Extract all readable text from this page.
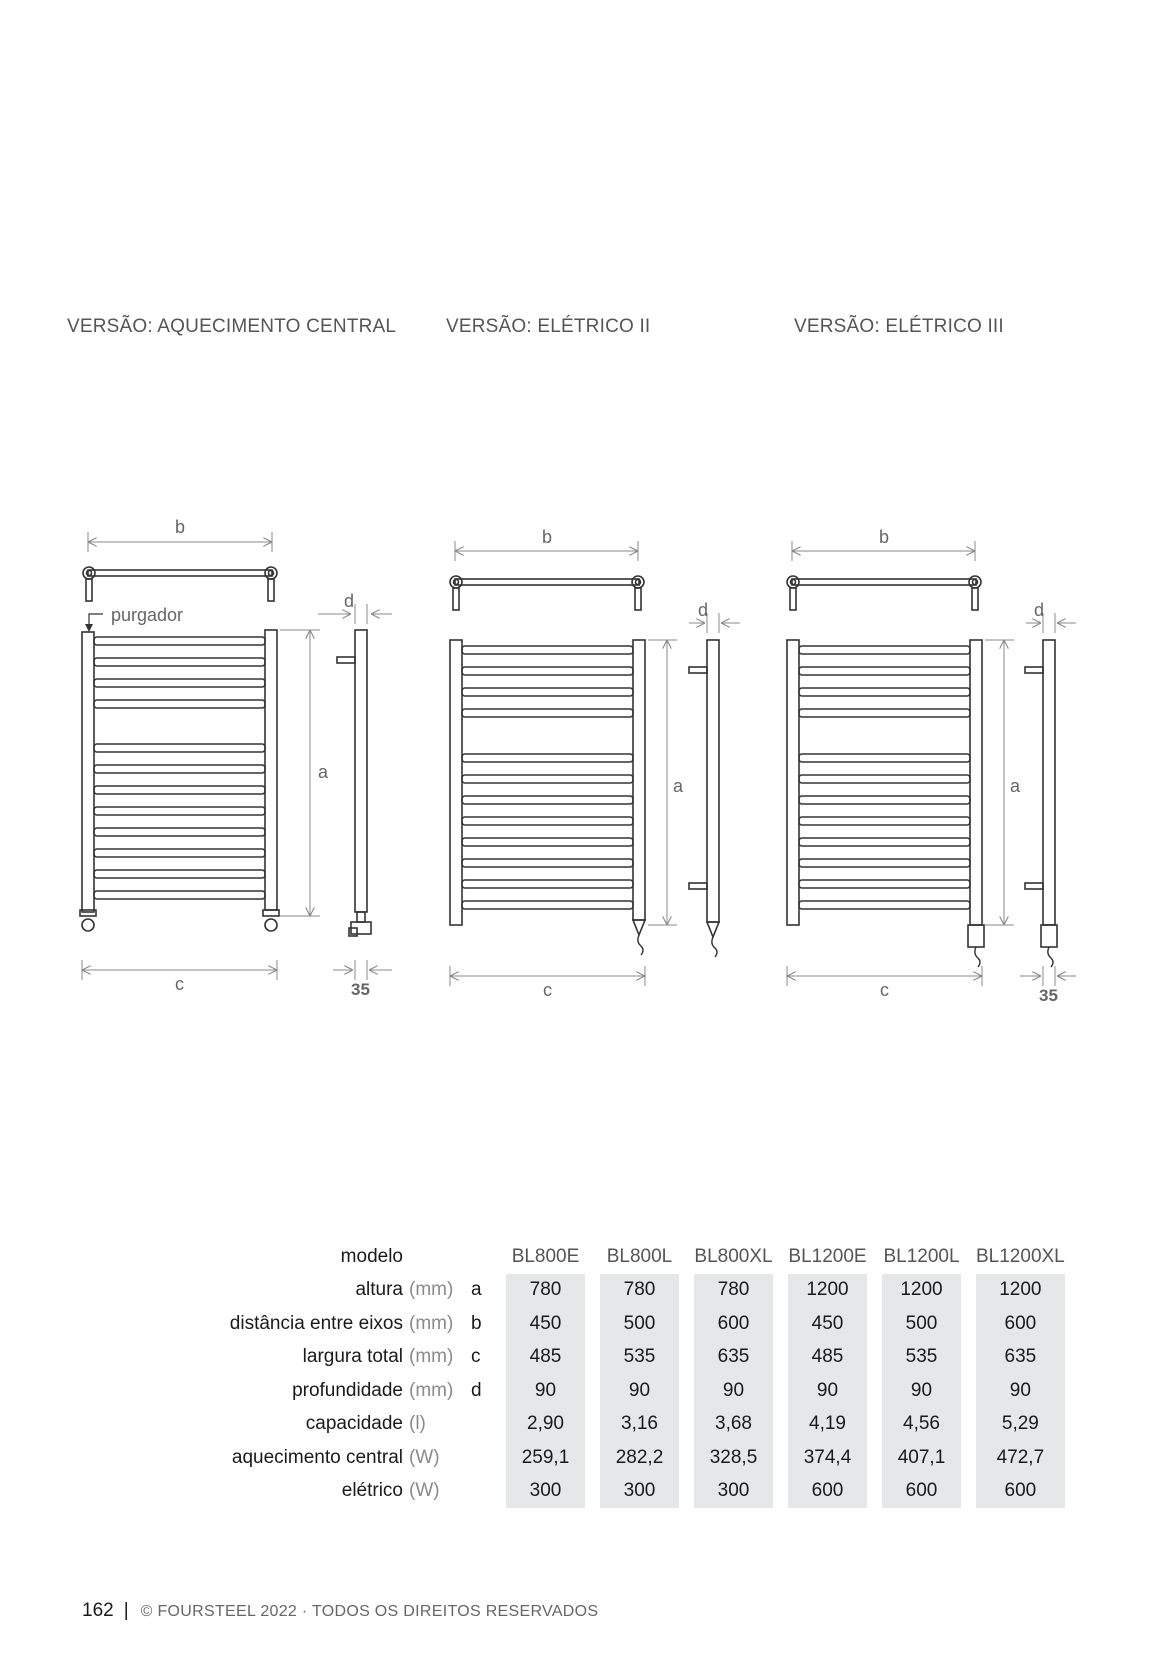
VERSÃO: AQUECIMENTO CENTRAL	VERSÃO: ELÉTRICO II	VERSÃO: ELÉTRICO III
b
purgador
a
d
c	35
b
a
d
c
b
a
d
c	35
modelo			BL800E		BL800L		BL800XL		BL1200E		BL1200L		BL1200XL
altura	(mm)	a	780		780		780		1200		1200		1200
distância entre eixos	(mm)	b	450		500		600		450		500		600
largura total	(mm)	c	485		535		635		485		535		635
profundidade	(mm)	d	90		90		90		90		90		90
capacidade	(l)		2,90		3,16		3,68		4,19		4,56		5,29
aquecimento central	(W)		259,1		282,2		328,5		374,4		407,1		472,7
elétrico	(W)		300		300		300		600		600		600
162 | © FOURSTEEL 2022 · TODOS OS DIREITOS RESERVADOS
